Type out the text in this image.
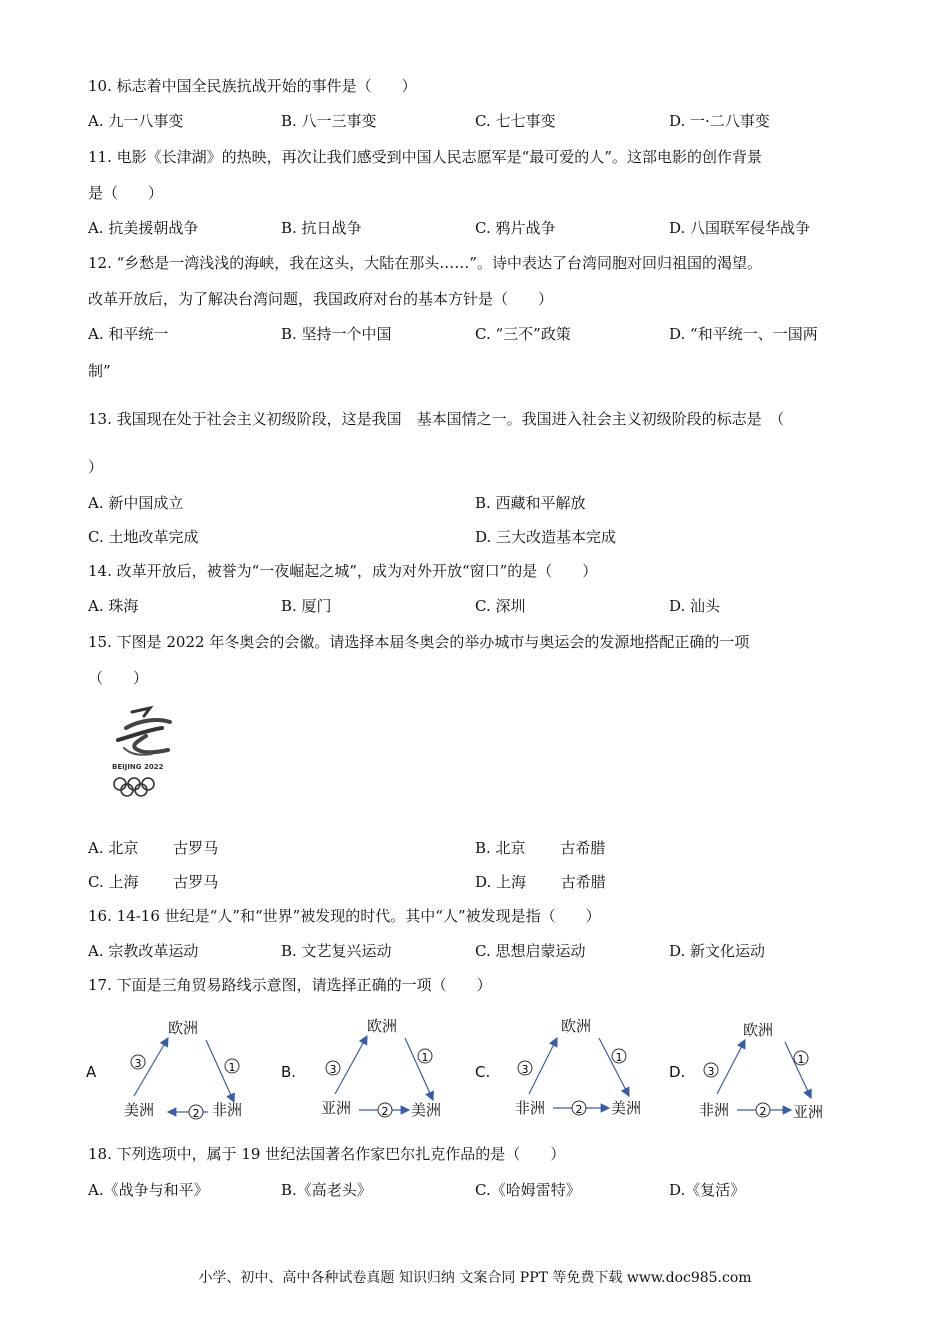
10. 标志着中国全民族抗战开始的事件是（　　）
A. 九一八事变	B. 八一三事变	C. 七七事变	D. 一·二八事变
11. 电影《长津湖》的热映，再次让我们感受到中国人民志愿军是“最可爱的人”。这部电影的创作背景
是（　　）
A. 抗美援朝战争	B. 抗日战争	C. 鸦片战争	D. 八国联军侵华战争
12. “乡愁是一湾浅浅的海峡，我在这头，大陆在那头……”。诗中表达了台湾同胞对回归祖国的渴望。
改革开放后，为了解决台湾问题，我国政府对台的基本方针是（　　）
A. 和平统一	B. 坚持一个中国	C. “三不”政策	D. “和平统一、一国两
制”
13. 我国现在处于社会主义初级阶段，这是我国　基本国情之一。我国进入社会主义初级阶段的标志是　（
）
A. 新中国成立	B. 西藏和平解放
C. 土地改革完成	D. 三大改造基本完成
14. 改革开放后，被誉为“一夜崛起之城”，成为对外开放“窗口”的是（　　）
A. 珠海	B. 厦门	C. 深圳	D. 汕头
15. 下图是 2022 年冬奥会的会徽。请选择本届冬奥会的举办城市与奥运会的发源地搭配正确的一项
（　　）
BEIJING 2022
A. 北京　　 古罗马	B. 北京　　 古希腊
C. 上海　　 古罗马	D. 上海　　 古希腊
16. 14-16 世纪是“人”和“世界”被发现的时代。其中“人”被发现是指（　　）
A. 宗教改革运动	B. 文艺复兴运动	C. 思想启蒙运动	D. 新文化运动
17. 下面是三角贸易路线示意图，请选择正确的一项（　　）
A
欧洲
美洲	非洲
3	1
2
B.
欧洲
亚洲	美洲
3
1
2
C.
欧洲
非洲	美洲
3
1
2
D.
欧洲
非洲	亚洲
3
1
2
18. 下列选项中，属于 19 世纪法国著名作家巴尔扎克作品的是（　　）
A.《战争与和平》	B.《高老头》	C.《哈姆雷特》	D.《复活》
小学、初中、高中各种试卷真题 知识归纳 文案合同 PPT 等免费下载 www.doc985.com
